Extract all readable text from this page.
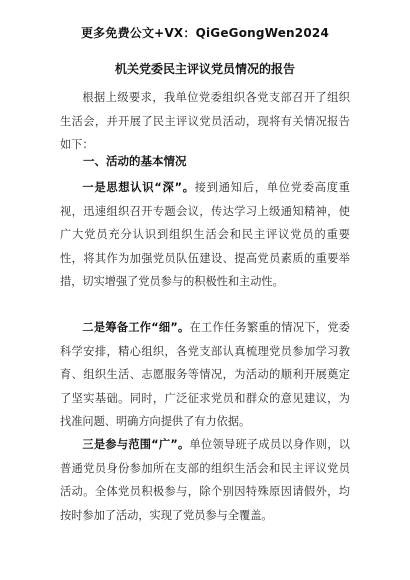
更多免费公文+VX：QiGeGongWen2024
机关党委民主评议党员情况的报告

根据上级要求，我单位党委组织各党支部召开了组织生活会，并开展了民主评议党员活动，现将有关情况报告如下：

一、活动的基本情况

一是思想认识“深”。接到通知后，单位党委高度重视，迅速组织召开专题会议，传达学习上级通知精神，使广大党员充分认识到组织生活会和民主评议党员的重要性，将其作为加强党员队伍建设、提高党员素质的重要举措，切实增强了党员参与的积极性和主动性。

二是筹备工作“细”。在工作任务繁重的情况下，党委科学安排，精心组织，各党支部认真梳理党员参加学习教育、组织生活、志愿服务等情况，为活动的顺利开展奠定了坚实基础。同时，广泛征求党员和群众的意见建议，为找准问题、明确方向提供了有力依据。

三是参与范围“广”。单位领导班子成员以身作则，以普通党员身份参加所在支部的组织生活会和民主评议党员活动。全体党员积极参与，除个别因特殊原因请假外，均按时参加了活动，实现了党员参与全覆盖。
